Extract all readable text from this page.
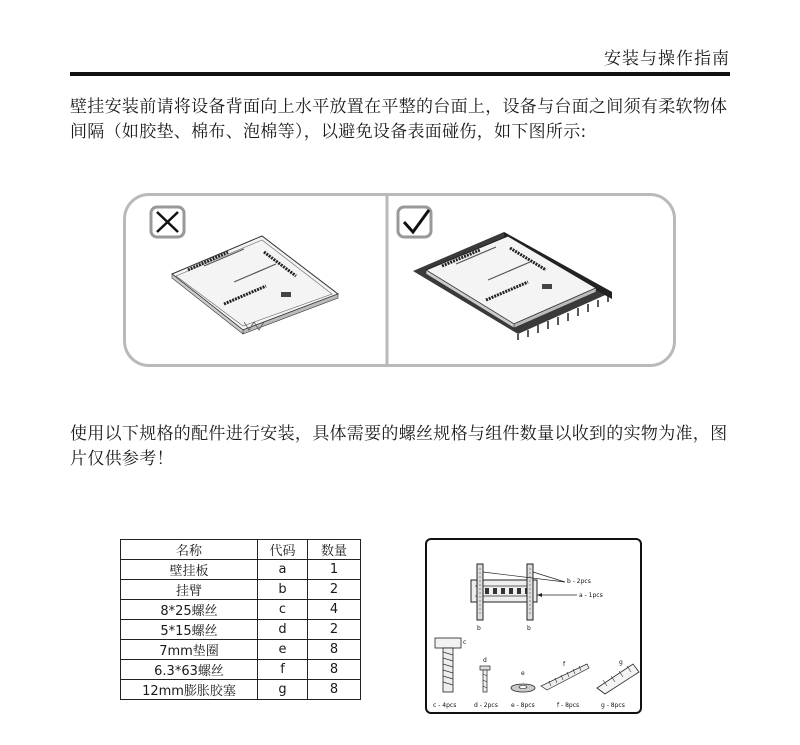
安装与操作指南

壁挂安装前请将设备背面向上水平放置在平整的台面上，设备与台面之间须有柔软物体间隔（如胶垫、棉布、泡棉等），以避免设备表面碰伤，如下图所示:

使用以下规格的配件进行安装，具体需要的螺丝规格与组件数量以收到的实物为准，图片仅供参考！

名称	代码	数量
壁挂板	a	1
挂臂	b	2
8*25螺丝	c	4
5*15螺丝	d	2
7mm垫圈	e	8
6.3*63螺丝	f	8
12mm膨胀胶塞	g	8
b - 2pcs
a - 1pcs
b	b
c
d
e
f	g
c - 4pcs	d - 2pcs e - 8pcs	f - 8pcs	g - 8pcs
